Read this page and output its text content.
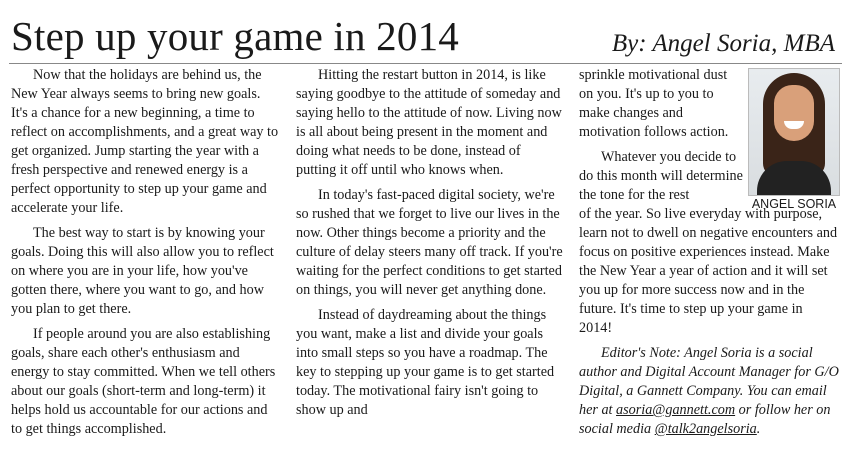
Step up your game in 2014	By: Angel Soria, MBA

Now that the holidays are behind us, the New Year always seems to bring new goals. It's a chance for a new beginning, a time to reflect on accomplishments, and a great way to get organized. Jump starting the year with a fresh perspective and renewed energy is a perfect opportunity to step up your game and accelerate your life.

The best way to start is by knowing your goals. Doing this will also allow you to reflect on where you are in your life, how you've gotten there, where you want to go, and how you plan to get there.

If people around you are also establishing goals, share each other's enthusiasm and energy to stay committed. When we tell others about our goals (short-term and long-term) it helps hold us accountable for our actions and to get things accomplished.

Hitting the restart button in 2014, is like saying goodbye to the attitude of someday and saying hello to the attitude of now. Living now is all about being present in the moment and doing what needs to be done, instead of putting it off until who knows when.

In today's fast-paced digital society, we're so rushed that we forget to live our lives in the now. Other things become a priority and the culture of delay steers many off track. If you're waiting for the perfect conditions to get started on things, you will never get anything done.

Instead of daydreaming about the things you want, make a list and divide your goals into small steps so you have a roadmap. The key to stepping up your game is to get started today. The motivational fairy isn't going to show up and

ANGEL SORIA

sprinkle motivational dust on you. It's up to you to make changes and motivation follows action.

Whatever you decide to do this month will determine the tone for the rest
of the year. So live everyday with purpose, learn not to dwell on negative encounters and focus on positive experiences instead. Make the New Year a year of action and it will set you up for more success now and in the future. It's time to step up your game in 2014!

Editor's Note: Angel Soria is a social author and Digital Account Manager for G/O Digital, a Gannett Company. You can email her at asoria@gannett.com or follow her on social media @talk2angelsoria.
